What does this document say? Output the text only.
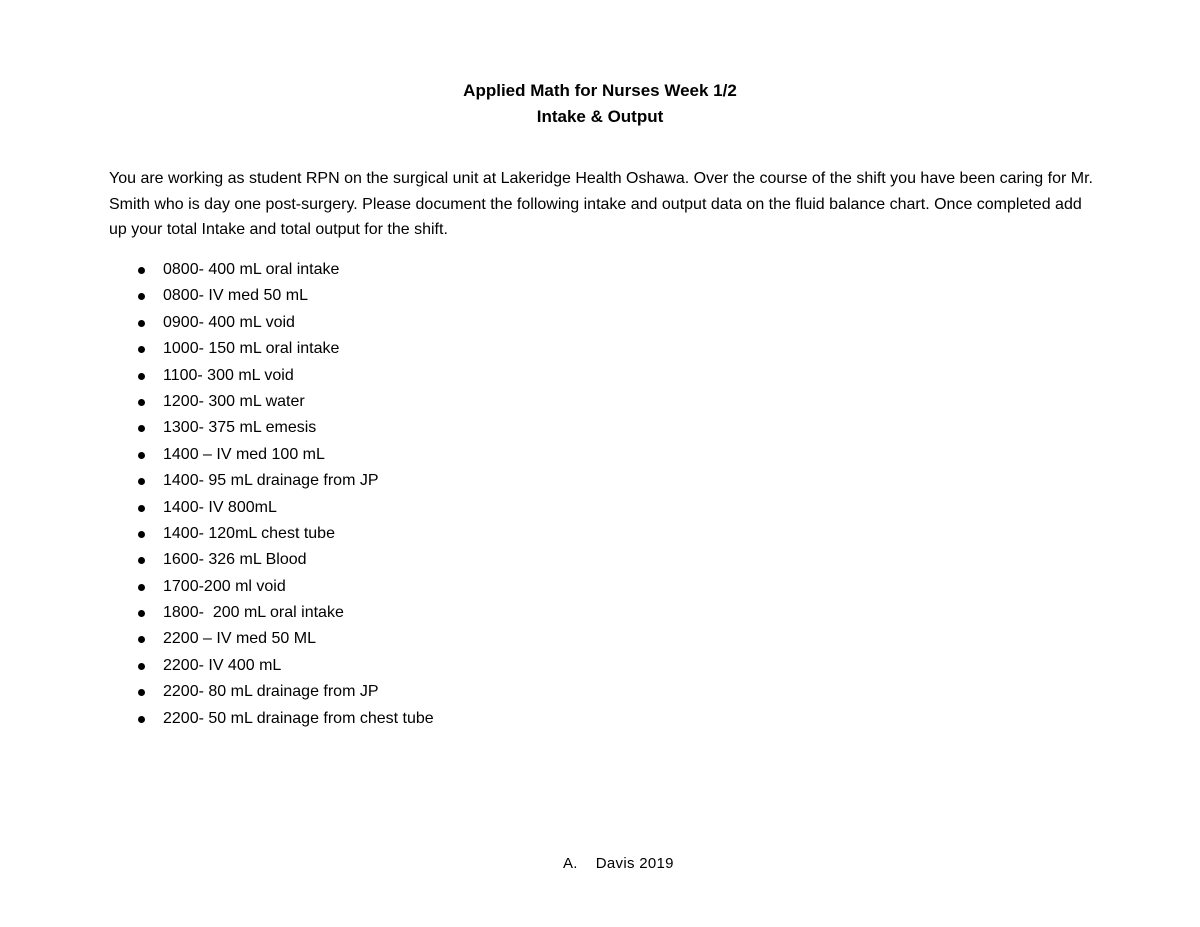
Applied Math for Nurses Week 1/2

Intake & Output

You are working as student RPN on the surgical unit at Lakeridge Health Oshawa. Over the course of the shift you have been caring for Mr. Smith who is day one post-surgery. Please document the following intake and output data on the fluid balance chart. Once completed add up your total Intake and total output for the shift.

0800- 400 mL oral intake
0800- IV med 50 mL
0900- 400 mL void
1000- 150 mL oral intake
1100- 300 mL void
1200- 300 mL water
1300- 375 mL emesis
1400 – IV med 100 mL
1400- 95 mL drainage from JP
1400- IV 800mL
1400- 120mL chest tube
1600- 326 mL Blood
1700-200 ml void
1800-  200 mL oral intake
2200 – IV med 50 ML
2200- IV 400 mL
2200- 80 mL drainage from JP
2200- 50 mL drainage from chest tube
A. Davis 2019
